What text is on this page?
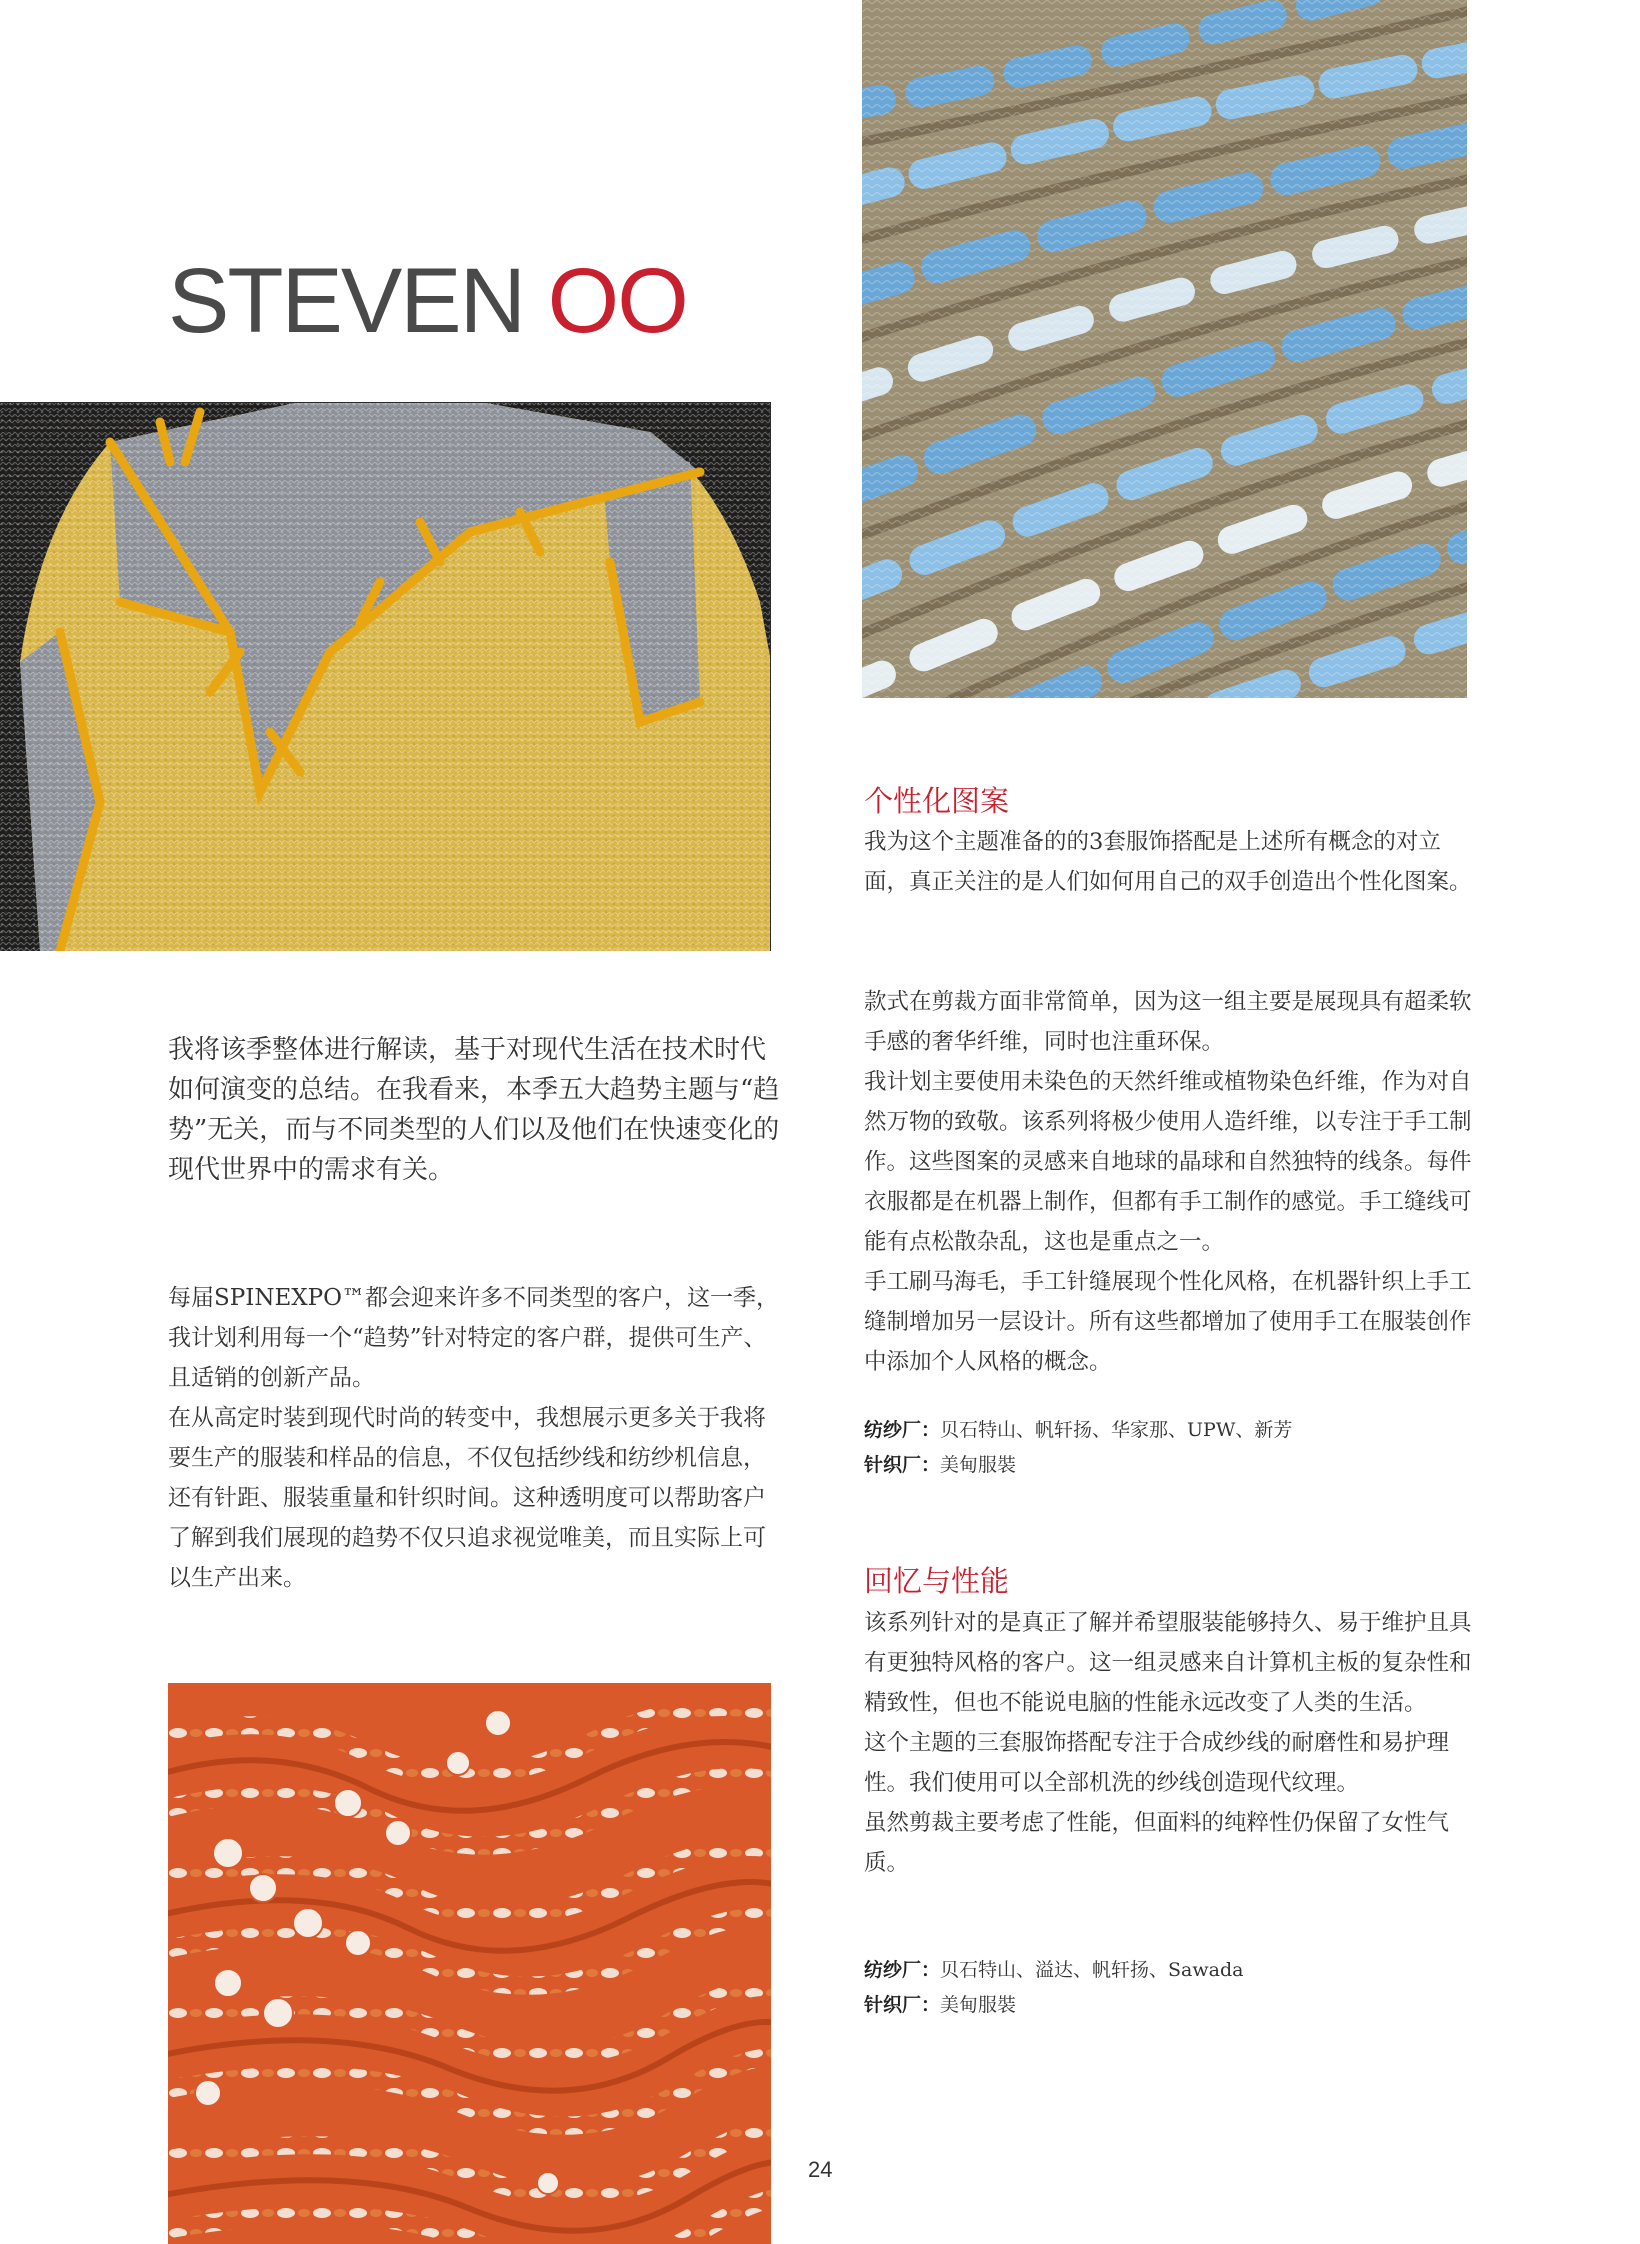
STEVEN OO

我将该季整体进行解读，基于对现代生活在技术时代如何演变的总结。在我看来，本季五大趋势主题与“趋势”无关，而与不同类型的人们以及他们在快速变化的现代世界中的需求有关。

每届SPINEXPO™都会迎来许多不同类型的客户，这一季，我计划利用每一个“趋势”针对特定的客户群，提供可生产、且适销的创新产品。

在从高定时装到现代时尚的转变中，我想展示更多关于我将要生产的服装和样品的信息，不仅包括纱线和纺纱机信息，还有针距、服装重量和针织时间。这种透明度可以帮助客户了解到我们展现的趋势不仅只追求视觉唯美，而且实际上可以生产出来。

个性化图案

我为这个主题准备的的3套服饰搭配是上述所有概念的对立面，真正关注的是人们如何用自己的双手创造出个性化图案。

款式在剪裁方面非常简单，因为这一组主要是展现具有超柔软手感的奢华纤维，同时也注重环保。

我计划主要使用未染色的天然纤维或植物染色纤维，作为对自然万物的致敬。该系列将极少使用人造纤维，以专注于手工制作。这些图案的灵感来自地球的晶球和自然独特的线条。每件衣服都是在机器上制作，但都有手工制作的感觉。手工缝线可能有点松散杂乱，这也是重点之一。

手工刷马海毛，手工针缝展现个性化风格，在机器针织上手工缝制增加另一层设计。所有这些都增加了使用手工在服装创作中添加个人风格的概念。

纺纱厂：贝石特山、帆轩扬、华家那、UPW、新芳
针织厂：美甸服裝
回忆与性能

该系列针对的是真正了解并希望服装能够持久、易于维护且具有更独特风格的客户。这一组灵感来自计算机主板的复杂性和精致性，但也不能说电脑的性能永远改变了人类的生活。

这个主题的三套服饰搭配专注于合成纱线的耐磨性和易护理性。我们使用可以全部机洗的纱线创造现代纹理。

虽然剪裁主要考虑了性能，但面料的纯粹性仍保留了女性气质。

纺纱厂：贝石特山、溢达、帆轩扬、Sawada
针织厂：美甸服裝
24
